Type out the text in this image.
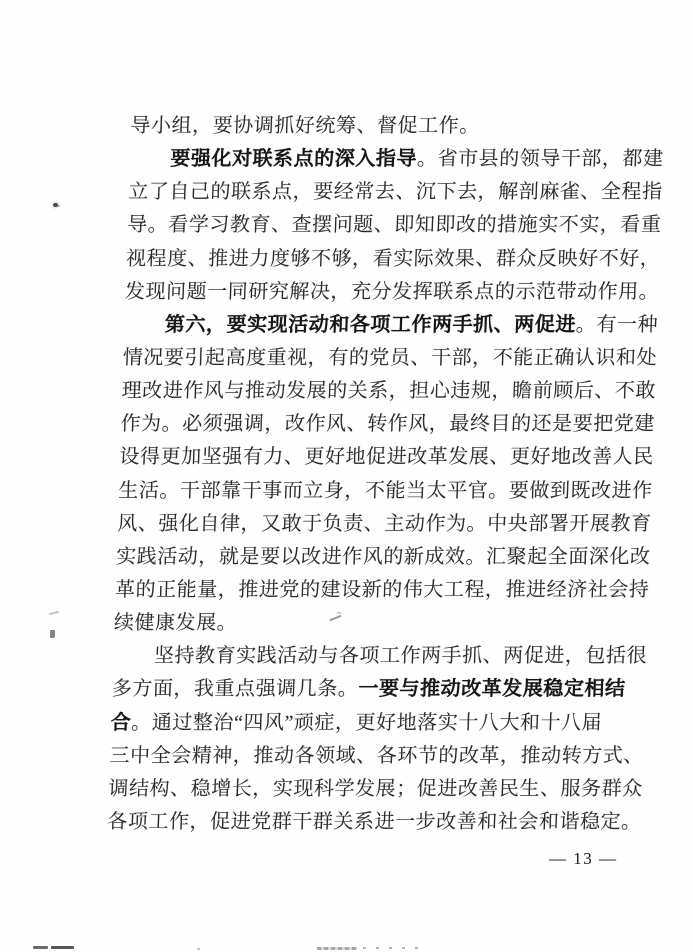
导小组，要协调抓好统筹、督促工作。
要强化对联系点的深入指导。省市县的领导干部，都建
立了自己的联系点，要经常去、沉下去，解剖麻雀、全程指
导。看学习教育、查摆问题、即知即改的措施实不实，看重
视程度、推进力度够不够，看实际效果、群众反映好不好，
发现问题一同研究解决，充分发挥联系点的示范带动作用。
第六，要实现活动和各项工作两手抓、两促进。有一种
情况要引起高度重视，有的党员、干部，不能正确认识和处
理改进作风与推动发展的关系，担心违规，瞻前顾后、不敢
作为。必须强调，改作风、转作风，最终目的还是要把党建
设得更加坚强有力、更好地促进改革发展、更好地改善人民
生活。干部靠干事而立身，不能当太平官。要做到既改进作
风、强化自律，又敢于负责、主动作为。中央部署开展教育
实践活动，就是要以改进作风的新成效。汇聚起全面深化改
革的正能量，推进党的建设新的伟大工程，推进经济社会持
续健康发展。
坚持教育实践活动与各项工作两手抓、两促进，包括很
多方面，我重点强调几条。一要与推动改革发展稳定相结
合。通过整治“四风”顽症，更好地落实十八大和十八届
三中全会精神，推动各领域、各环节的改革，推动转方式、
调结构、稳增长，实现科学发展；促进改善民生、服务群众
各项工作，促进党群干群关系进一步改善和社会和谐稳定。
— 13 —
